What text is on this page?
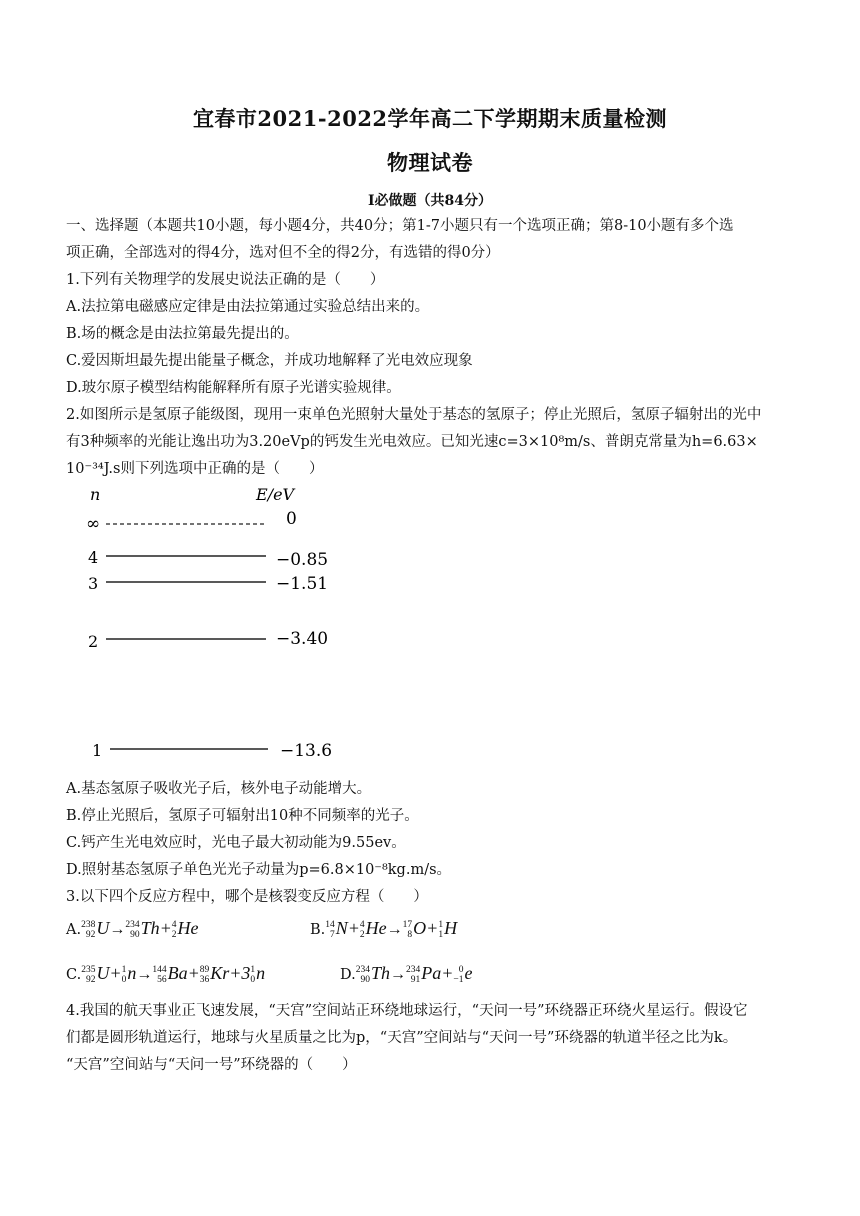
宜春市2021-2022学年高二下学期期末质量检测
物理试卷
I必做题（共84分）
一、选择题（本题共10小题，每小题4分，共40分；第1-7小题只有一个选项正确；第8-10小题有多个选
项正确，全部选对的得4分，选对但不全的得2分，有选错的得0分）
1.下列有关物理学的发展史说法正确的是（　　）
A.法拉第电磁感应定律是由法拉第通过实验总结出来的。
B.场的概念是由法拉第最先提出的。
C.爱因斯坦最先提出能量子概念，并成功地解释了光电效应现象
D.玻尔原子模型结构能解释所有原子光谱实验规律。
2.如图所示是氢原子能级图，现用一束单色光照射大量处于基态的氢原子；停止光照后，氢原子辐射出的光中
有3种频率的光能让逸出功为3.20eVp的钙发生光电效应。已知光速c=3×10⁸m/s、普朗克常量为h=6.63×
10⁻³⁴J.s则下列选项中正确的是（　　）
n	E/eV
∞	0
4	−0.85
3	−1.51
2	−3.40
1	−13.6
A.基态氢原子吸收光子后，核外电子动能增大。
B.停止光照后，氢原子可辐射出10种不同频率的光子。
C.钙产生光电效应时，光电子最大初动能为9.55ev。
D.照射基态氢原子单色光光子动量为p=6.8×10⁻⁸kg.m/s。
3.以下四个反应方程中，哪个是核裂变反应方程（　　）
A. 238
92 U→ 234
90 Th+ 4
2 He	B. 14
7 N+ 4
2 He→ 17
8 O+ 1
1 H
C. 235
92 U+ 1
0 n→ 144
56 Ba+ 89
36 Kr+3 1
0 n	D. 234
90 Th→ 234
91 Pa+ 0
−1 e
4.我国的航天事业正飞速发展，“天宫”空间站正环绕地球运行，“天问一号”环绕器正环绕火星运行。假设它
们都是圆形轨道运行，地球与火星质量之比为p，“天宫”空间站与“天问一号”环绕器的轨道半径之比为k。
“天宫”空间站与“天问一号”环绕器的（　　）
